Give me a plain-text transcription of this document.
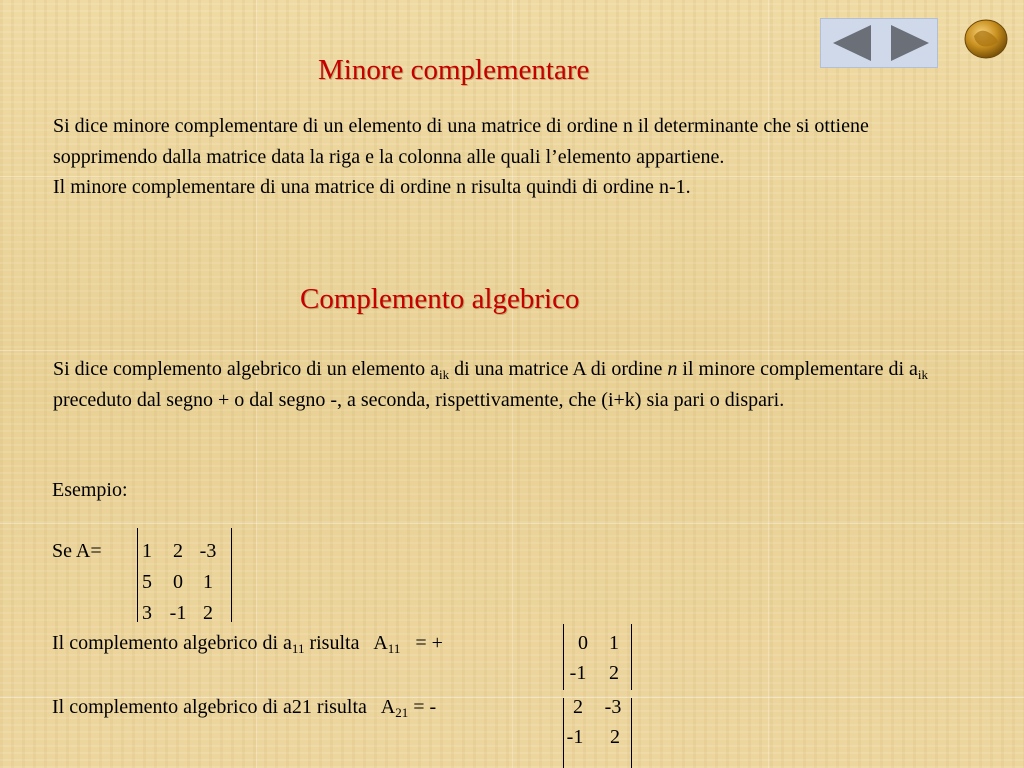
Minore complementare

Si dice minore complementare di un elemento di una matrice di ordine n il determinante che si ottiene sopprimendo dalla matrice data la riga e la colonna alle quali l’elemento appartiene.

Il minore complementare di una matrice di ordine n risulta quindi di ordine n-1.

Complemento algebrico

Si dice complemento algebrico di un elemento $a_{ik}$ di una matrice A di ordine n il minore complementare di $a_{ik}$ preceduto dal segno + o dal segno -, a seconda, rispettivamente, che (i+k) sia pari o dispari.

Esempio:
Se A=	1	2 -3
5	0	1
3 -1 2
Il complemento algebrico di $a_{11}$ risulta   $A_{11}$   = +	0	1
-1	2
Il complemento algebrico di a21 risulta   $A_{21}$ = -	2	-3
-1	2
